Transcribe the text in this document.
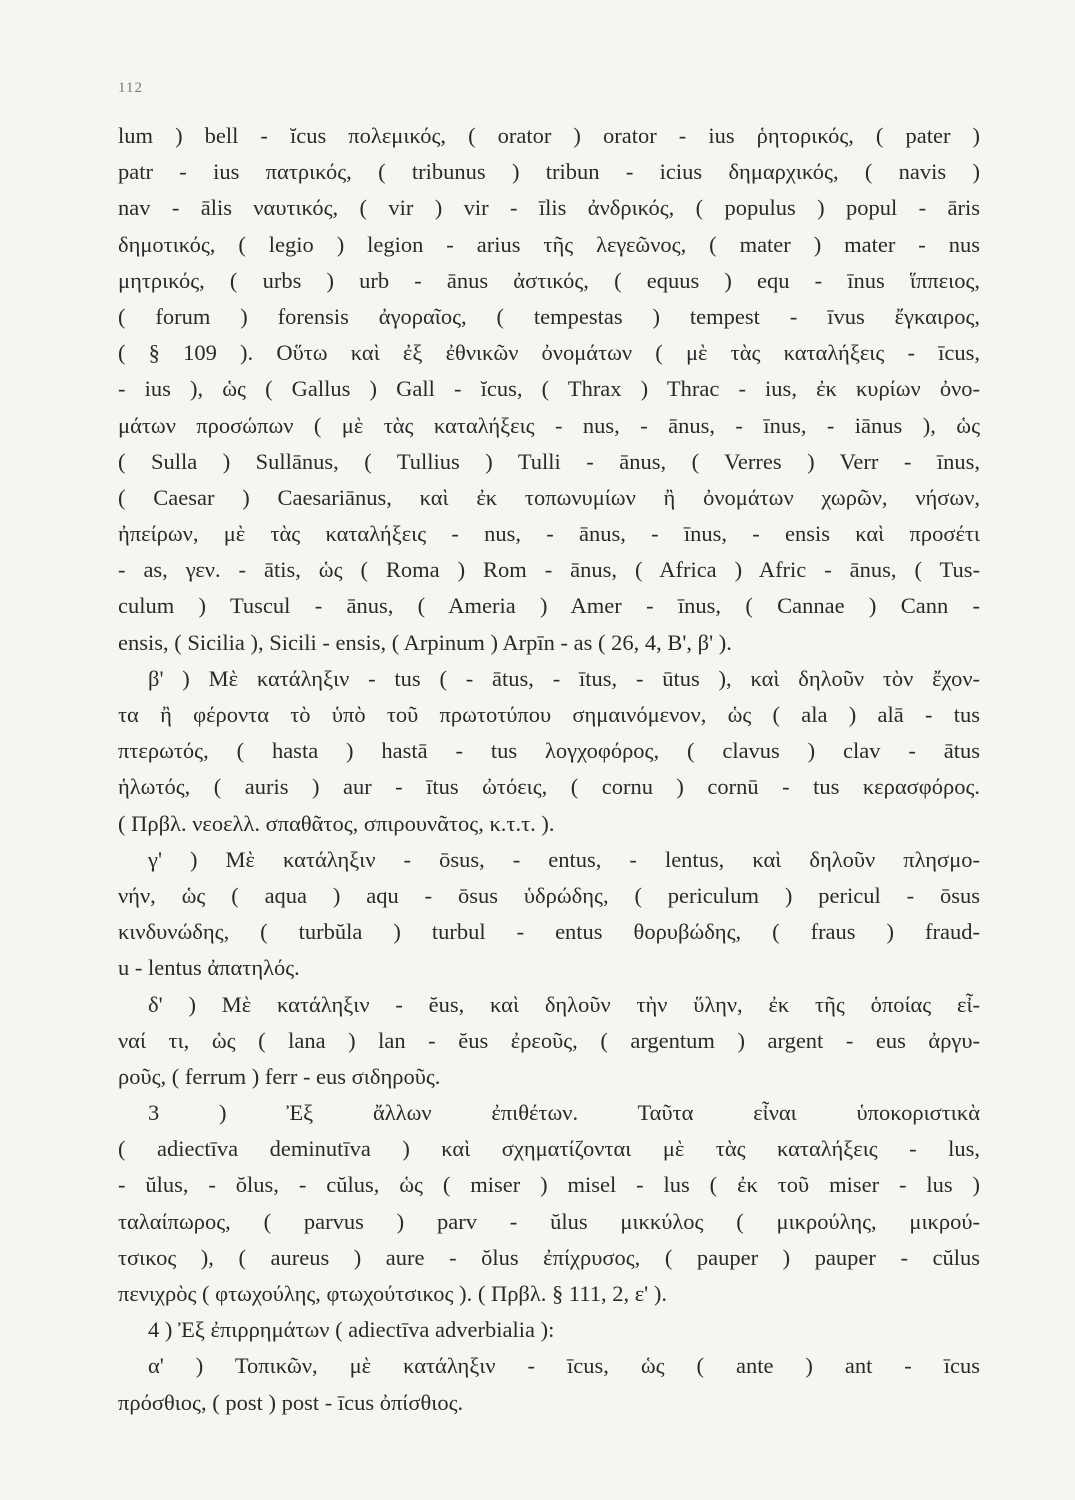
112
lum ) bell - ĭcus πολεμικός, ( orator ) orator - ius ῥητορικός, ( pater )
patr - ius πατρικός, ( tribunus ) tribun - icius δημαρχικός, ( navis )
nav - ālis ναυτικός, ( vir ) vir - īlis ἀνδρικός, ( populus ) popul - āris
δημοτικός, ( legio ) legion - arius τῆς λεγεῶνος, ( mater ) mater - nus
μητρικός, ( urbs ) urb - ānus ἀστικός, ( equus ) equ - īnus ἵππειος,
( forum ) forensis ἀγοραῖος, ( tempestas ) tempest - īvus ἔγκαιρος,
( § 109 ). Οὕτω καὶ ἐξ ἐθνικῶν ὀνομάτων ( μὲ τὰς καταλήξεις - īcus,
- ius ), ὡς ( Gallus ) Gall - ĭcus, ( Thrax ) Thrac - ius, ἐκ κυρίων ὀνο-
μάτων προσώπων ( μὲ τὰς καταλήξεις - nus, - ānus, - īnus, - iānus ), ὡς
( Sulla ) Sullānus, ( Tullius ) Tulli - ānus, ( Verres ) Verr - īnus,
( Caesar ) Caesariānus, καὶ ἐκ τοπωνυμίων ἢ ὀνομάτων χωρῶν, νήσων,
ἠπείρων, μὲ τὰς καταλήξεις - nus, - ānus, - īnus, - ensis καὶ προσέτι
- as, γεν. - ātis, ὡς ( Roma ) Rom - ānus, ( Africa ) Afric - ānus, ( Tus-
culum ) Tuscul - ānus, ( Ameria ) Amer - īnus, ( Cannae ) Cann -
ensis, ( Sicilia ), Sicili - ensis, ( Arpinum ) Arpīn - as ( 26, 4, Β', β' ).
β' ) Μὲ κατάληξιν - tus ( - ātus, - ītus, - ūtus ), καὶ δηλοῦν τὸν ἔχον-
τα ἢ φέροντα τὸ ὑπὸ τοῦ πρωτοτύπου σημαινόμενον, ὡς ( ala ) alā - tus
πτερωτός, ( hasta ) hastā - tus λογχοφόρος, ( clavus ) clav - ātus
ἡλωτός, ( auris ) aur - ītus ὠτόεις, ( cornu ) cornū - tus κερασφόρος.
( Πρβλ. νεοελλ. σπαθᾶτος, σπιρουνᾶτος, κ.τ.τ. ).
γ' ) Μὲ κατάληξιν - ōsus, - entus, - lentus, καὶ δηλοῦν πλησμο-
νήν, ὡς ( aqua ) aqu - ōsus ὑδρώδης, ( periculum ) pericul - ōsus
κινδυνώδης, ( turbŭla ) turbul - entus θορυβώδης, ( fraus ) fraud-
u - lentus ἀπατηλός.
δ' ) Μὲ κατάληξιν - ĕus, καὶ δηλοῦν τὴν ὕλην, ἐκ τῆς ὁποίας εἶ-
ναί τι, ὡς ( lana ) lan - ĕus ἐρεοῦς, ( argentum ) argent - eus ἀργυ-
ροῦς, ( ferrum ) ferr - eus σιδηροῦς.
3 ) Ἐξ ἄλλων ἐπιθέτων. Ταῦτα εἶναι ὑποκοριστικὰ
( adiectīva deminutīva ) καὶ σχηματίζονται μὲ τὰς καταλήξεις - lus,
- ŭlus, - ŏlus, - cŭlus, ὡς ( miser ) misel - lus ( ἐκ τοῦ miser - lus )
ταλαίπωρος, ( parvus ) parv - ŭlus μικκύλος ( μικρούλης, μικρού-
τσικος ), ( aureus ) aure - ŏlus ἐπίχρυσος, ( pauper ) pauper - cŭlus
πενιχρὸς ( φτωχούλης, φτωχούτσικος ). ( Πρβλ. § 111, 2, ε' ).
4 ) Ἐξ ἐπιρρημάτων ( adiectīva adverbialia ):
α' ) Τοπικῶν, μὲ κατάληξιν - īcus, ὡς ( ante ) ant - īcus
πρόσθιος, ( post ) post - īcus ὀπίσθιος.
